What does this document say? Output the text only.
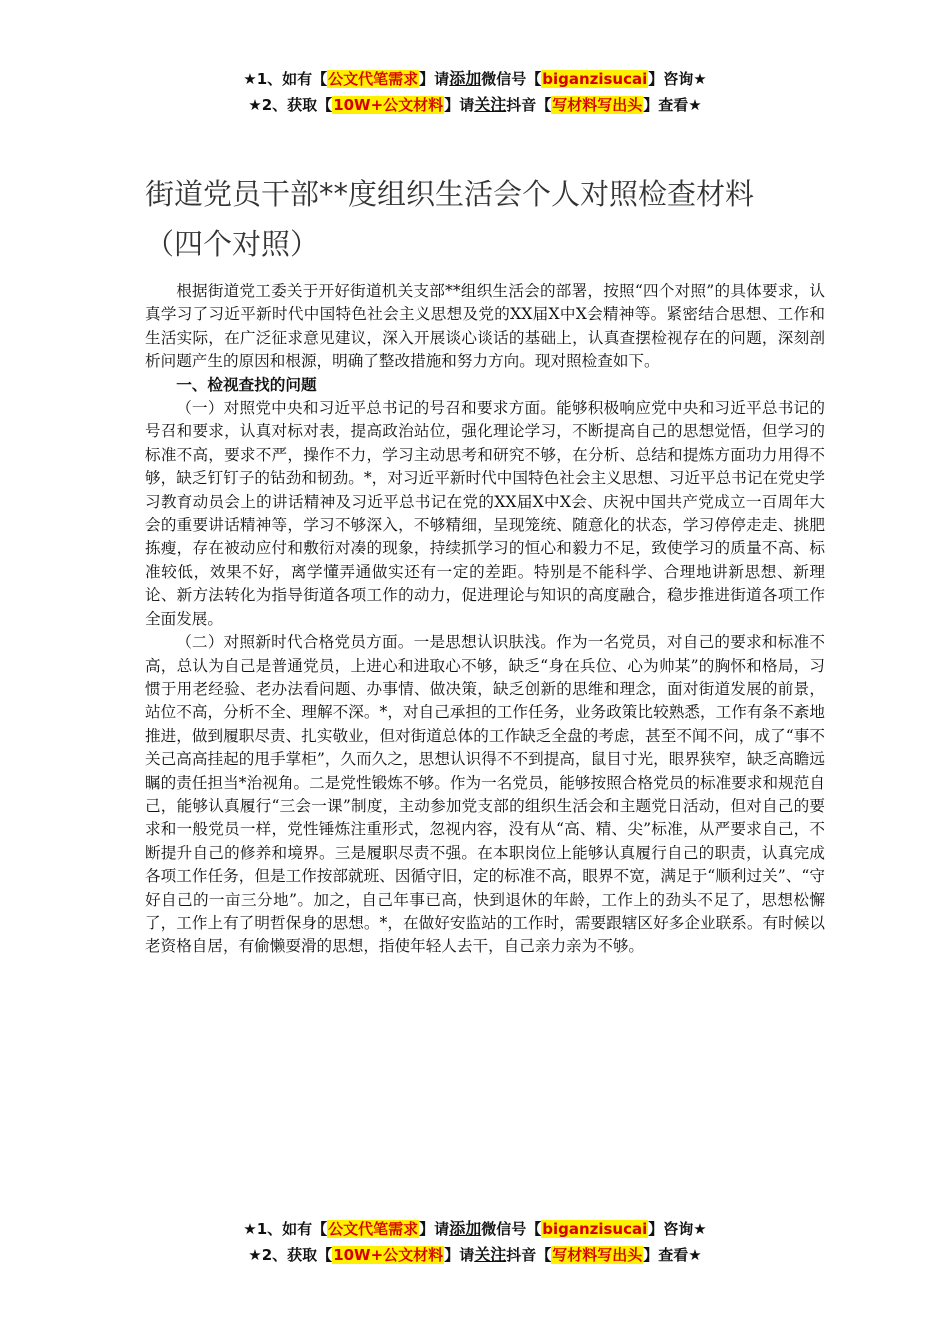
★1、如有【公文代笔需求】请添加微信号【biganzisucai】咨询★
★2、获取【10W+公文材料】请关注抖音【写材料写出头】查看★
街道党员干部**度组织生活会个人对照检查材料（四个对照）

根据街道党工委关于开好街道机关支部**组织生活会的部署，按照“四个对照”的具体要求，认真学习了习近平新时代中国特色社会主义思想及党的XX届X中X会精神等。紧密结合思想、工作和生活实际，在广泛征求意见建议，深入开展谈心谈话的基础上，认真查摆检视存在的问题，深刻剖析问题产生的原因和根源，明确了整改措施和努力方向。现对照检查如下。

一、检视查找的问题

（一）对照党中央和习近平总书记的号召和要求方面。能够积极响应党中央和习近平总书记的号召和要求，认真对标对表，提高政治站位，强化理论学习，不断提高自己的思想觉悟，但学习的标准不高，要求不严，操作不力，学习主动思考和研究不够，在分析、总结和提炼方面功力用得不够，缺乏钉钉子的钻劲和韧劲。*，对习近平新时代中国特色社会主义思想、习近平总书记在党史学习教育动员会上的讲话精神及习近平总书记在党的XX届X中X会、庆祝中国共产党成立一百周年大会的重要讲话精神等，学习不够深入，不够精细，呈现笼统、随意化的状态，学习停停走走、挑肥拣瘦，存在被动应付和敷衍对凑的现象，持续抓学习的恒心和毅力不足，致使学习的质量不高、标准较低，效果不好，离学懂弄通做实还有一定的差距。特别是不能科学、合理地讲新思想、新理论、新方法转化为指导街道各项工作的动力，促进理论与知识的高度融合，稳步推进街道各项工作全面发展。

（二）对照新时代合格党员方面。一是思想认识肤浅。作为一名党员，对自己的要求和标准不高，总认为自己是普通党员，上进心和进取心不够，缺乏“身在兵位、心为帅某”的胸怀和格局，习惯于用老经验、老办法看问题、办事情、做决策，缺乏创新的思维和理念，面对街道发展的前景，站位不高，分析不全、理解不深。*，对自己承担的工作任务，业务政策比较熟悉，工作有条不紊地推进，做到履职尽责、扎实敬业，但对街道总体的工作缺乏全盘的考虑，甚至不闻不问，成了“事不关己高高挂起的甩手掌柜”，久而久之，思想认识得不不到提高，鼠目寸光，眼界狭窄，缺乏高瞻远瞩的责任担当*治视角。二是党性锻炼不够。作为一名党员，能够按照合格党员的标准要求和规范自己，能够认真履行“三会一课”制度，主动参加党支部的组织生活会和主题党日活动，但对自己的要求和一般党员一样，党性锤炼注重形式，忽视内容，没有从“高、精、尖”标准，从严要求自己，不断提升自己的修养和境界。三是履职尽责不强。在本职岗位上能够认真履行自己的职责，认真完成各项工作任务，但是工作按部就班、因循守旧，定的标准不高，眼界不宽，满足于“顺利过关”、“守好自己的一亩三分地”。加之，自己年事已高，快到退休的年龄，工作上的劲头不足了，思想松懈了，工作上有了明哲保身的思想。*，在做好安监站的工作时，需要跟辖区好多企业联系。有时候以老资格自居，有偷懒耍滑的思想，指使年轻人去干，自己亲力亲为不够。

★1、如有【公文代笔需求】请添加微信号【biganzisucai】咨询★
★2、获取【10W+公文材料】请关注抖音【写材料写出头】查看★
